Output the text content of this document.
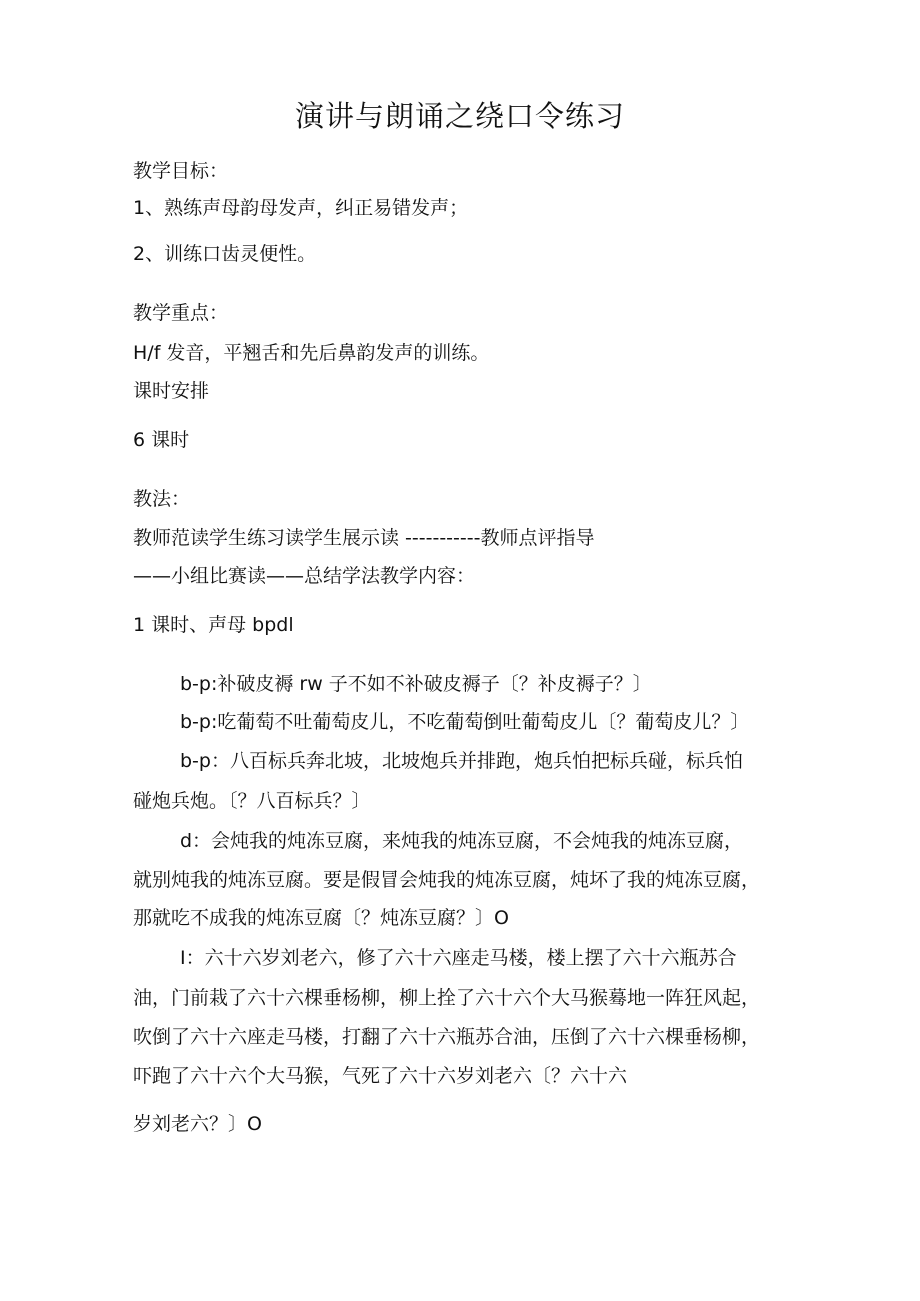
演讲与朗诵之绕口令练习
教学目标：
1、熟练声母韵母发声，纠正易错发声；
2、训练口齿灵便性。
教学重点：
H/f 发音，平翘舌和先后鼻韵发声的训练。
课时安排
6 课时
教法：
教师范读学生练习读学生展示读 -----------教师点评指导
——小组比赛读——总结学法教学内容：
1 课时、声母 bpdl
b-p:补破皮褥 rw 子不如不补破皮褥子〔？补皮褥子？〕
b-p:吃葡萄不吐葡萄皮儿，不吃葡萄倒吐葡萄皮儿〔？葡萄皮儿？〕
b-p：八百标兵奔北坡，北坡炮兵并排跑，炮兵怕把标兵碰，标兵怕
碰炮兵炮。〔？八百标兵？〕
d：会炖我的炖冻豆腐，来炖我的炖冻豆腐，不会炖我的炖冻豆腐，
就别炖我的炖冻豆腐。要是假冒会炖我的炖冻豆腐，炖坏了我的炖冻豆腐，
那就吃不成我的炖冻豆腐〔？炖冻豆腐？〕O
I：六十六岁刘老六，修了六十六座走马楼，楼上摆了六十六瓶苏合
油，门前栽了六十六棵垂杨柳，柳上拴了六十六个大马猴蓦地一阵狂风起，
吹倒了六十六座走马楼，打翻了六十六瓶苏合油，压倒了六十六棵垂杨柳，
吓跑了六十六个大马猴，气死了六十六岁刘老六〔？六十六
岁刘老六？〕O
